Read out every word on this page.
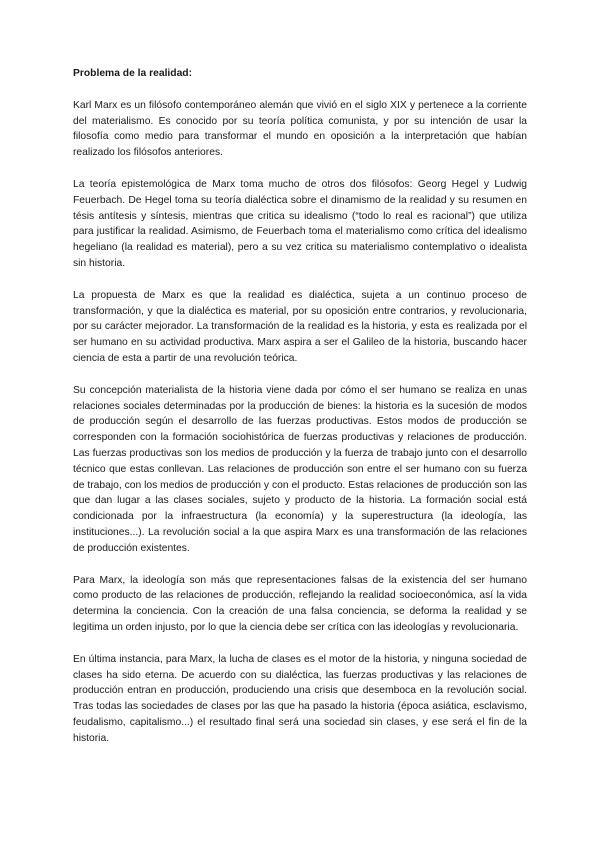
Problema de la realidad:

Karl Marx es un filósofo contemporáneo alemán que vivió en el siglo XIX y pertenece a la corriente del materialismo. Es conocido por su teoría política comunista, y por su intención de usar la filosofía como medio para transformar el mundo en oposición a la interpretación que habían realizado los filósofos anteriores.

La teoría epistemológica de Marx toma mucho de otros dos filósofos: Georg Hegel y Ludwig Feuerbach. De Hegel toma su teoría dialéctica sobre el dinamismo de la realidad y su resumen en tésis antítesis y síntesis, mientras que critica su idealismo (“todo lo real es racional”) que utiliza para justificar la realidad. Asimismo, de Feuerbach toma el materialismo como crítica del idealismo hegeliano (la realidad es material), pero a su vez critica su materialismo contemplativo o idealista sin historia.

La propuesta de Marx es que la realidad es dialéctica, sujeta a un continuo proceso de transformación, y que la dialéctica es material, por su oposición entre contrarios, y revolucionaria, por su carácter mejorador. La transformación de la realidad es la historia, y esta es realizada por el ser humano en su actividad productiva. Marx aspira a ser el Galileo de la historia, buscando hacer ciencia de esta a partir de una revolución teórica.

Su concepción materialista de la historia viene dada por cómo el ser humano se realiza en unas relaciones sociales determinadas por la producción de bienes: la historia es la sucesión de modos de producción según el desarrollo de las fuerzas productivas. Estos modos de producción se corresponden con la formación sociohistórica de fuerzas productivas y relaciones de producción. Las fuerzas productivas son los medios de producción y la fuerza de trabajo junto con el desarrollo técnico que estas conllevan. Las relaciones de producción son entre el ser humano con su fuerza de trabajo, con los medios de producción y con el producto. Estas relaciones de producción son las que dan lugar a las clases sociales, sujeto y producto de la historia. La formación social está condicionada por la infraestructura (la economía) y la superestructura (la ideología, las instituciones...). La revolución social a la que aspira Marx es una transformación de las relaciones de producción existentes.

Para Marx, la ideología son más que representaciones falsas de la existencia del ser humano como producto de las relaciones de producción, reflejando la realidad socioeconómica, así la vida determina la conciencia. Con la creación de una falsa conciencia, se deforma la realidad y se legitima un orden injusto, por lo que la ciencia debe ser crítica con las ideologías y revolucionaria.

En última instancia, para Marx, la lucha de clases es el motor de la historia, y ninguna sociedad de clases ha sido eterna. De acuerdo con su dialéctica, las fuerzas productivas y las relaciones de producción entran en producción, produciendo una crisis que desemboca en la revolución social. Tras todas las sociedades de clases por las que ha pasado la historia (época asiática, esclavismo, feudalismo, capitalismo...) el resultado final será una sociedad sin clases, y ese será el fin de la historia.
